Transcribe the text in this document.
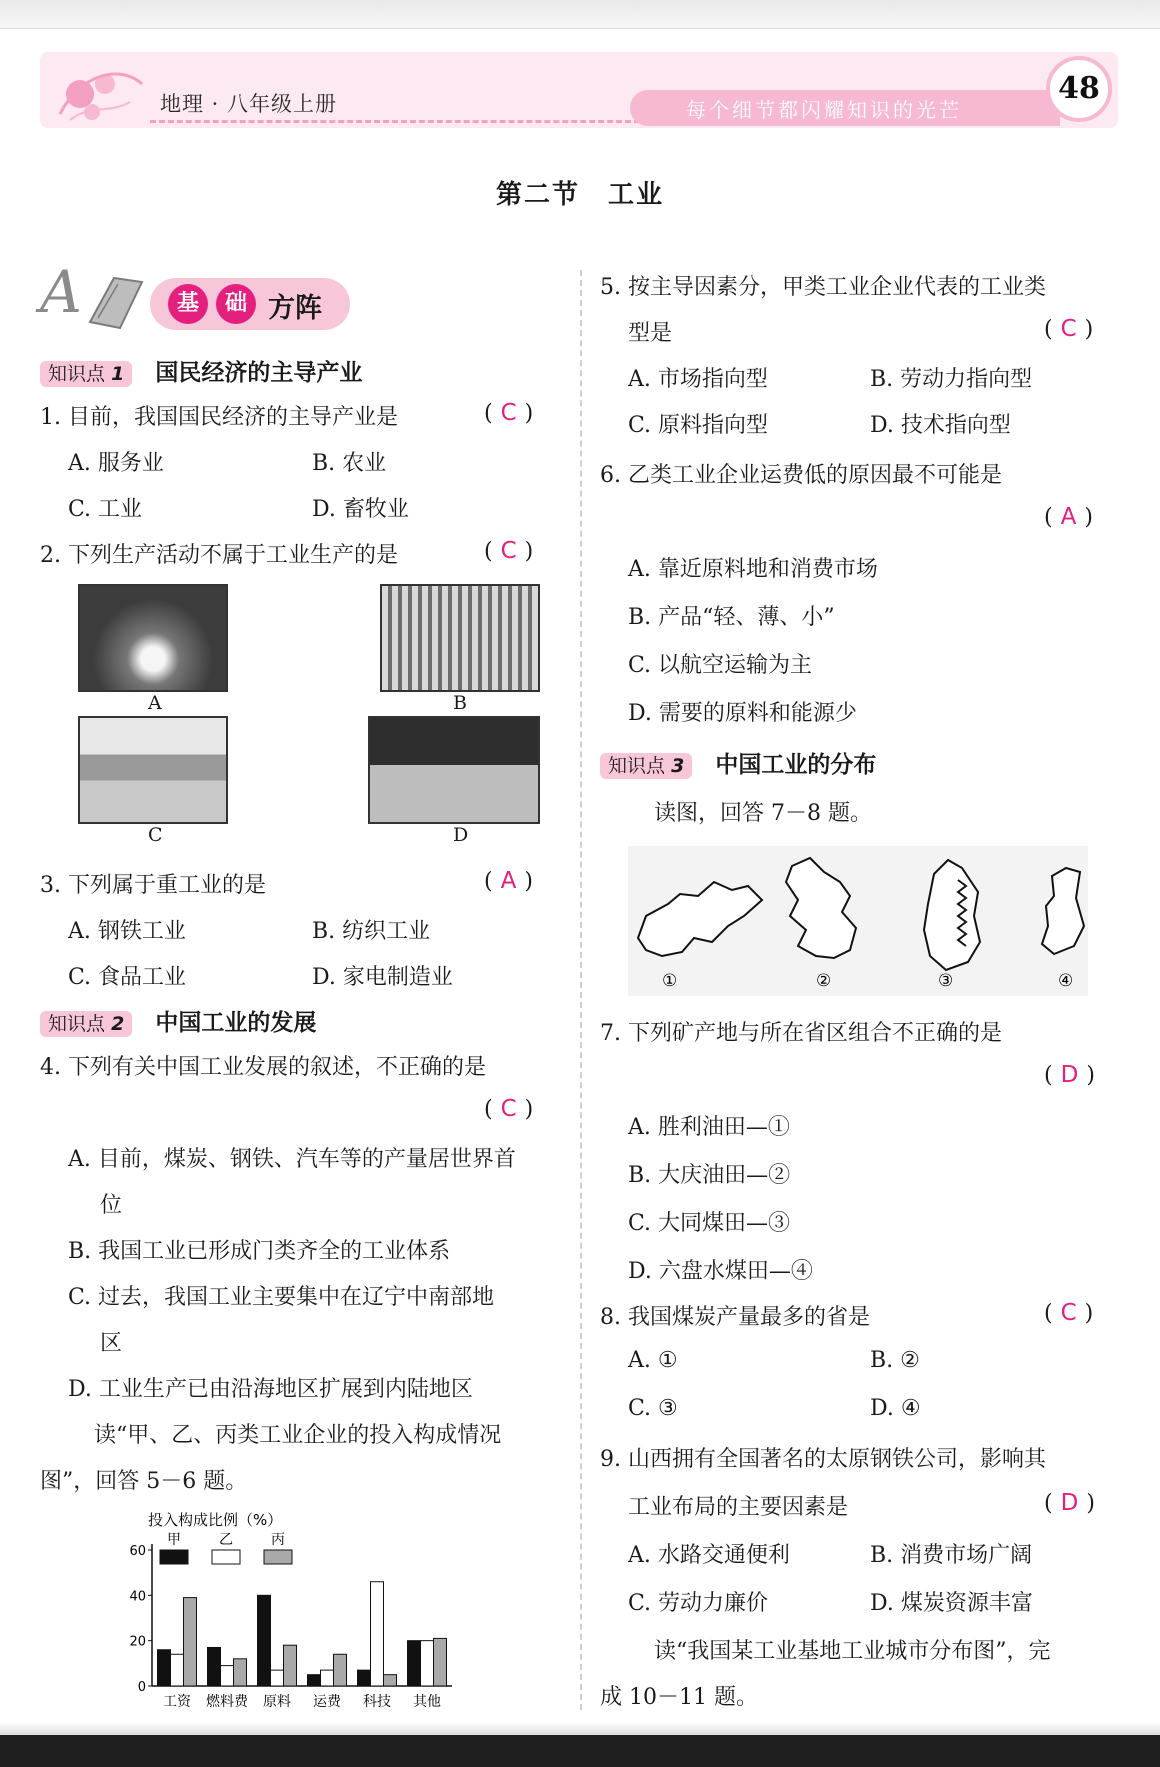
地理 · 八年级上册	每个细节都闪耀知识的光芒
48
第二节　工业
A	基	础 方阵
知识点 1 国民经济的主导产业
1. 目前，我国国民经济的主导产业是	( C )
A. 服务业	B. 农业
C. 工业	D. 畜牧业
2. 下列生产活动不属于工业生产的是	( C )
A	B
C	D
3. 下列属于重工业的是	( A )
A. 钢铁工业	B. 纺织工业
C. 食品工业	D. 家电制造业
知识点 2 中国工业的发展
4. 下列有关中国工业发展的叙述，不正确的是
( C )
A. 目前，煤炭、钢铁、汽车等的产量居世界首
位
B. 我国工业已形成门类齐全的工业体系
C. 过去，我国工业主要集中在辽宁中南部地
区
D. 工业生产已由沿海地区扩展到内陆地区
读“甲、乙、丙类工业企业的投入构成情况
图”，回答 5－6 题。
投入构成比例（%）
甲	乙	丙
0
20
40
60
工资 燃料费 原料 运费 科技 其他
5. 按主导因素分，甲类工业企业代表的工业类
型是	( C )
A. 市场指向型	B. 劳动力指向型
C. 原料指向型	D. 技术指向型
6. 乙类工业企业运费低的原因最不可能是
( A )
A. 靠近原料地和消费市场
B. 产品“轻、薄、小”
C. 以航空运输为主
D. 需要的原料和能源少
知识点 3 中国工业的分布
读图，回答 7－8 题。
①	②	③	④
7. 下列矿产地与所在省区组合不正确的是
( D )
A. 胜利油田—①
B. 大庆油田—②
C. 大同煤田—③
D. 六盘水煤田—④
8. 我国煤炭产量最多的省是	( C )
A. ①	B. ②
C. ③	D. ④
9. 山西拥有全国著名的太原钢铁公司，影响其
工业布局的主要因素是	( D )
A. 水路交通便利	B. 消费市场广阔
C. 劳动力廉价	D. 煤炭资源丰富
读“我国某工业基地工业城市分布图”，完
成 10－11 题。
